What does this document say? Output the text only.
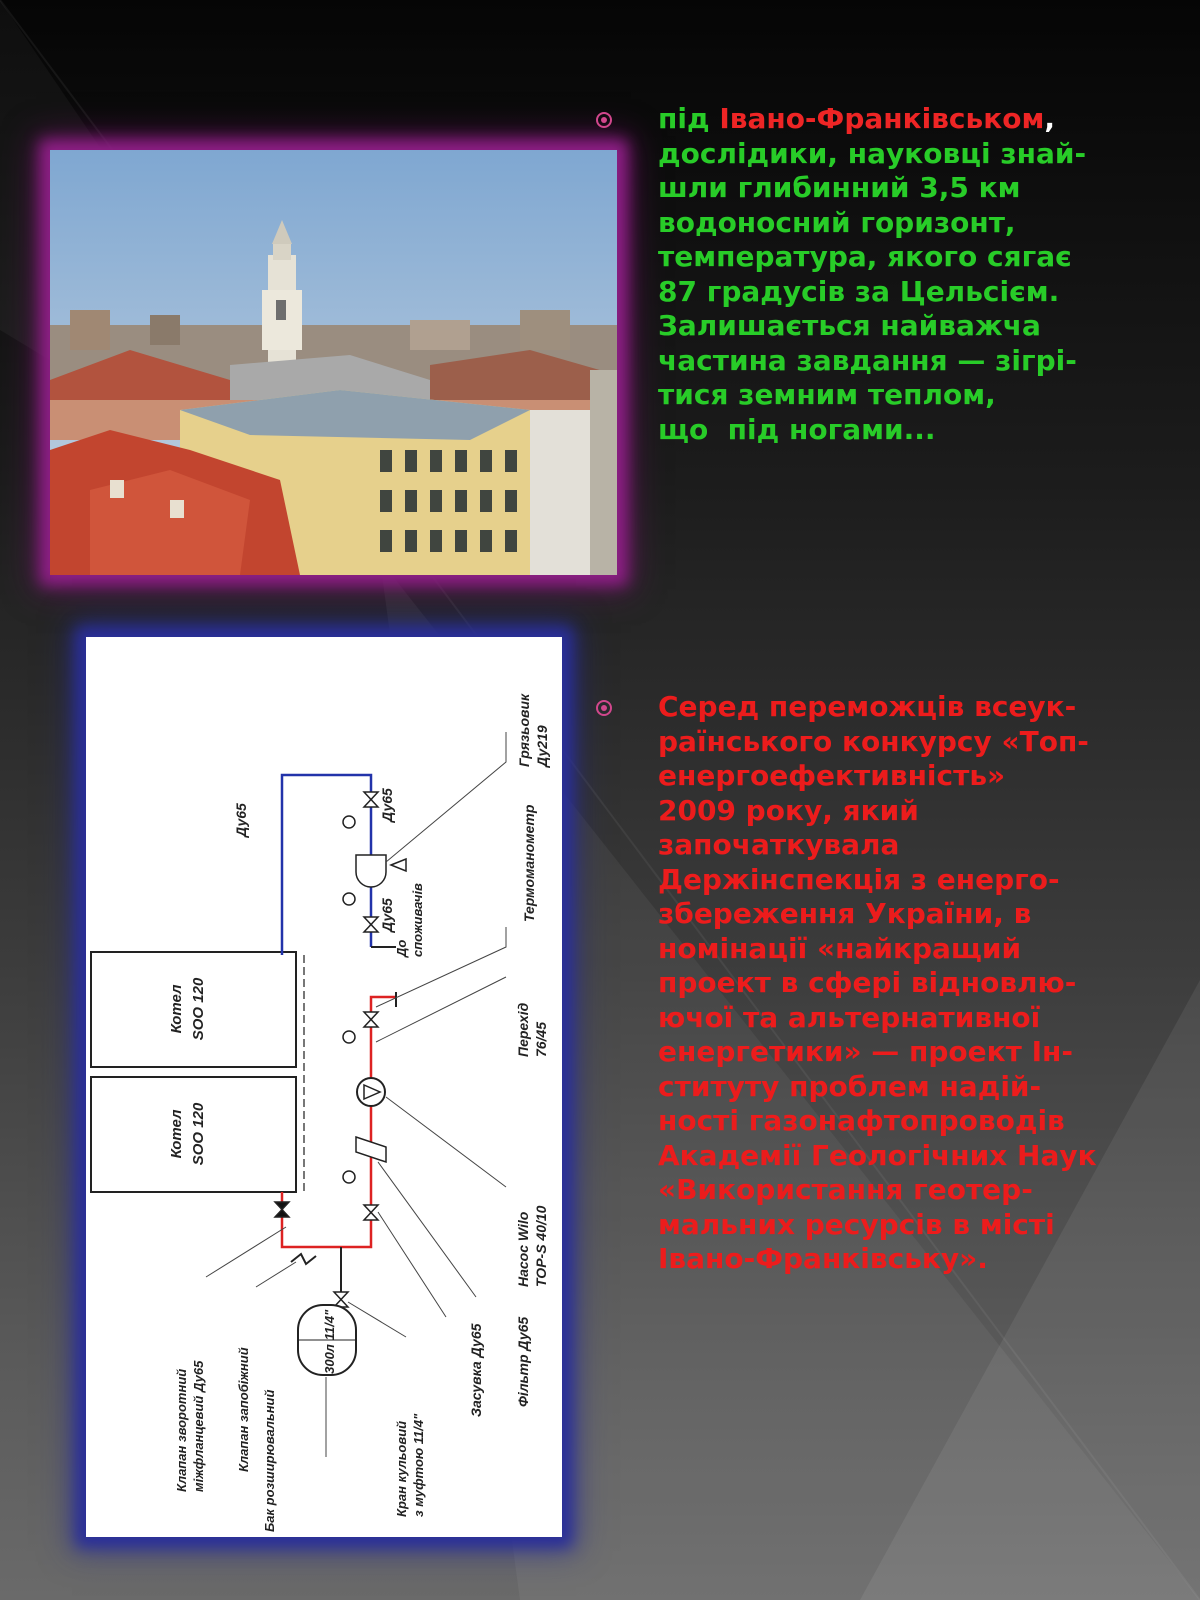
Котел SOO 120
Котел SOO 120
11/4"
300л
Ду65	Ду65
Ду65
Доспоживачів
Грязьовик Ду219
Термоманометр
Перехід 76/45
Насос Wilo TOP-S 40/10
Фільтр Ду65
Засувка Ду65
Кран кульовий з муфтою 11/4"
Бак розширювальний
Клапан запобіжний
Клапан зворотний міжфланцевий Ду65

під Івано-Франківськом,
дослідики, науковці знай-
шли глибинний 3,5 км
водоносний горизонт,
температура, якого сягає
87 градусів за Цельсієм.
Залишається найважча
частина завдання — зігрі-
тися земним теплом,
що  під ногами...

Серед переможців всеук-
раїнського конкурсу «Топ-
енергоефективність»
2009 року, який
започаткувала
Держінспекція з енерго-
збереження України, в
номінації «найкращий
проект в сфері відновлю-
ючої та альтернативної
енергетики» — проект Ін-
ституту проблем надій-
ності газонафтопроводів
Академії Геологічних Наук
«Використання геотер-
мальних ресурсів в місті
Івано-Франківську».
